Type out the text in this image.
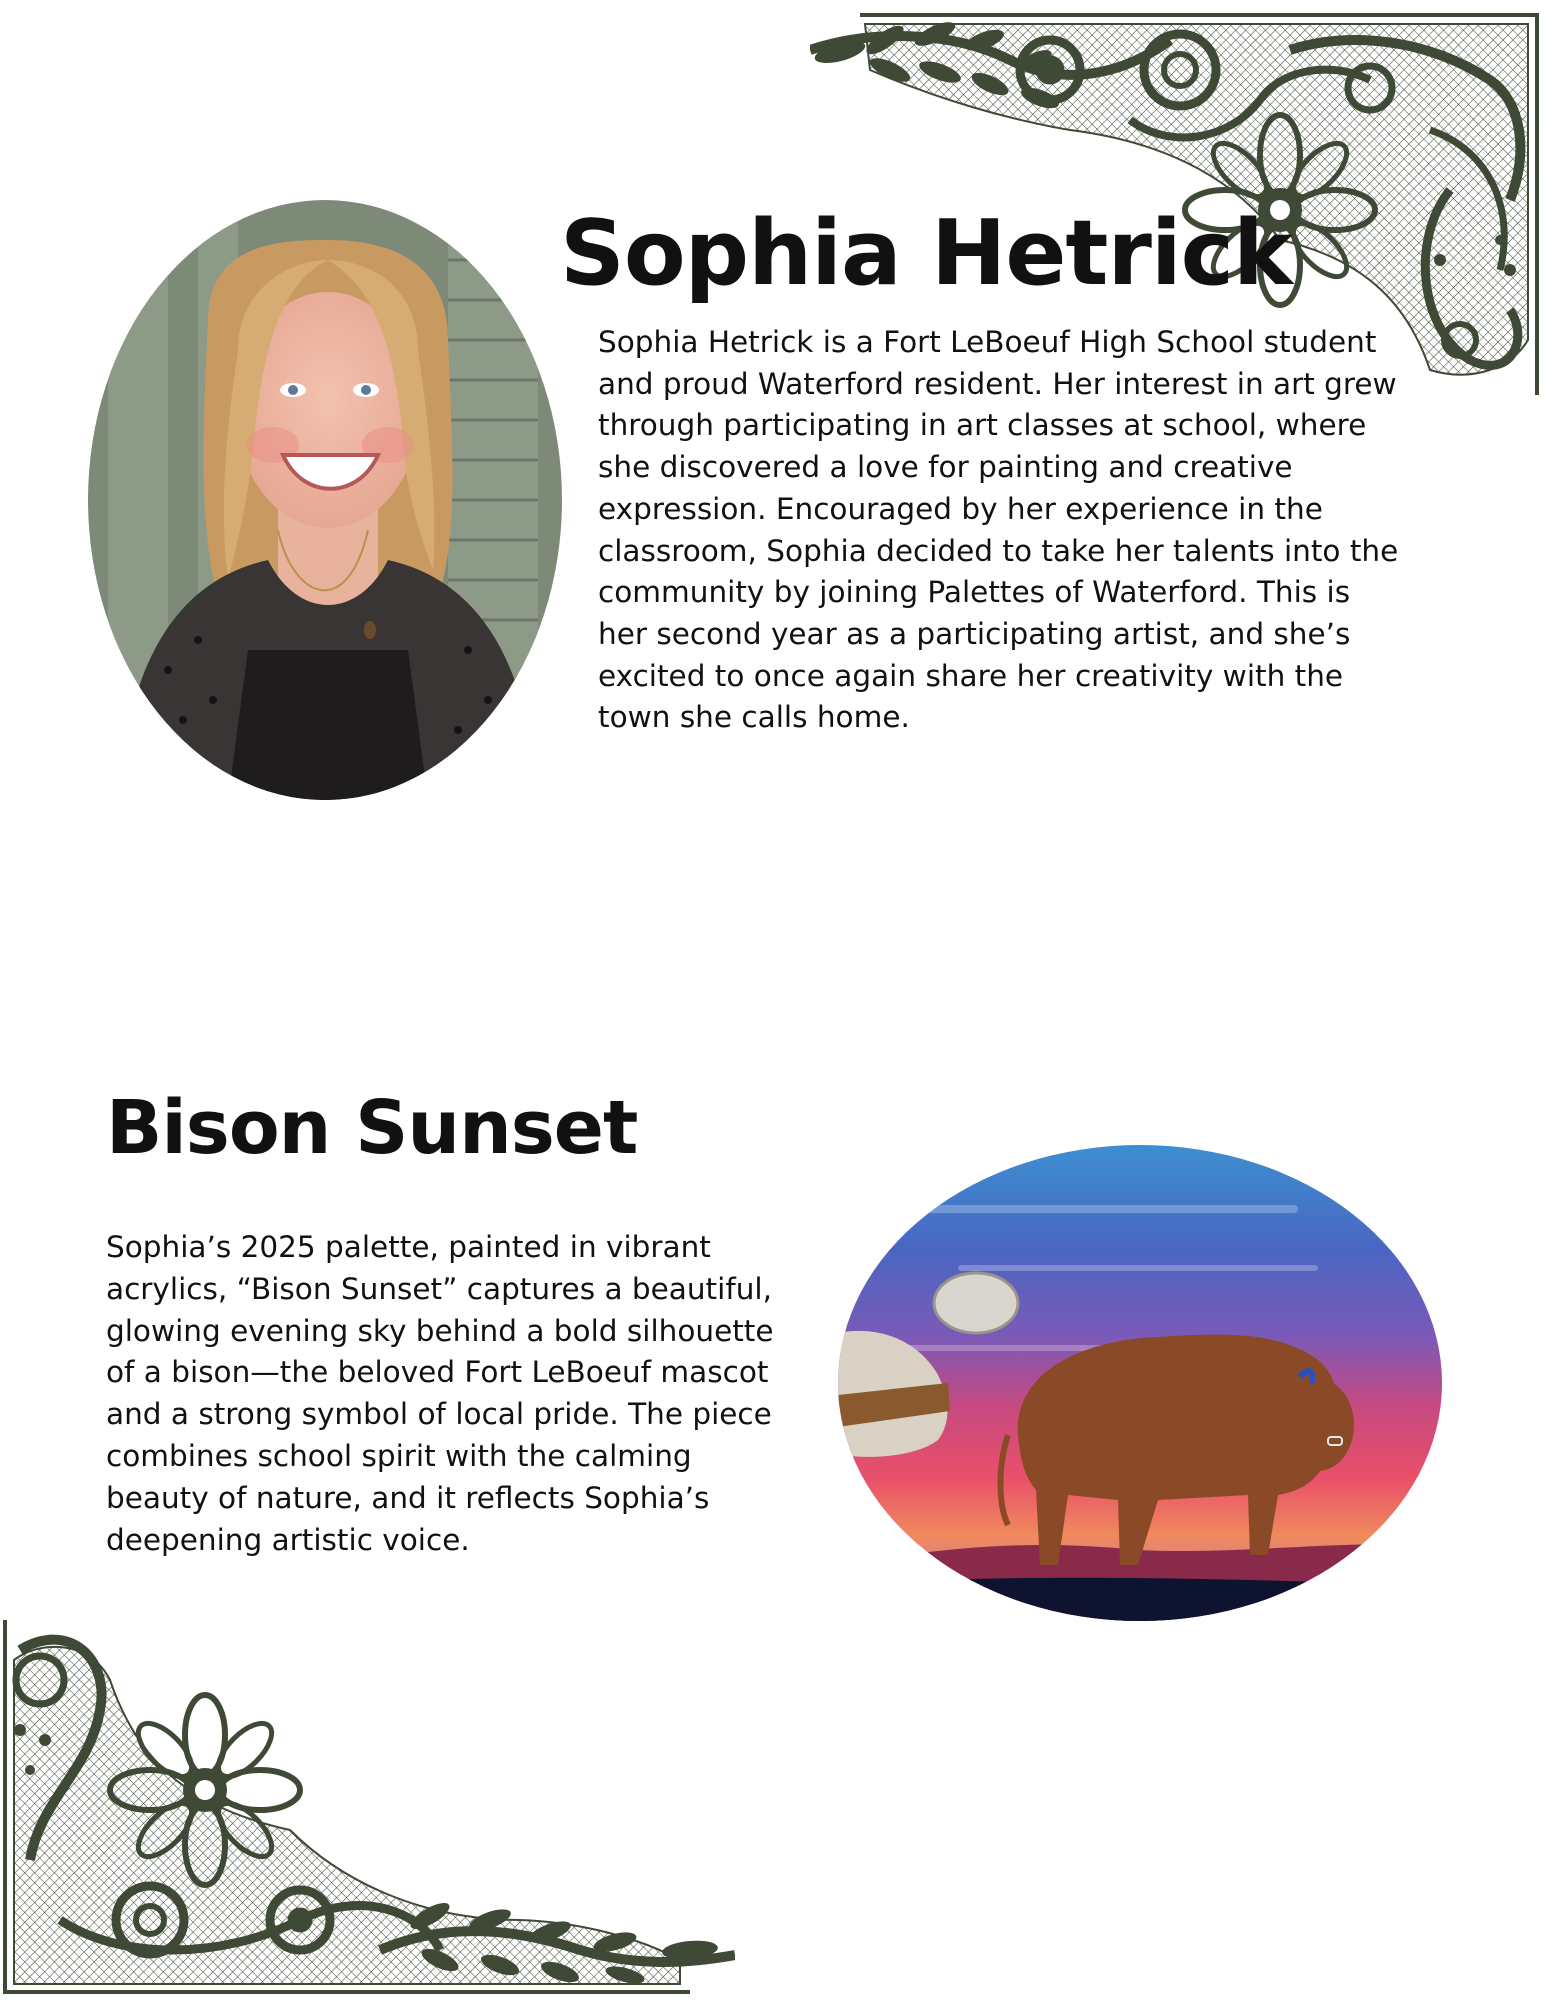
Sophia Hetrick

Sophia Hetrick is a Fort LeBoeuf High School student
and proud Waterford resident. Her interest in art grew
through participating in art classes at school, where
she discovered a love for painting and creative
expression. Encouraged by her experience in the
classroom, Sophia decided to take her talents into the
community by joining Palettes of Waterford. This is
her second year as a participating artist, and she’s
excited to once again share her creativity with the
town she calls home.

Bison Sunset

Sophia’s 2025 palette, painted in vibrant
acrylics, “Bison Sunset” captures a beautiful,
glowing evening sky behind a bold silhouette
of a bison—the beloved Fort LeBoeuf mascot
and a strong symbol of local pride. The piece
combines school spirit with the calming
beauty of nature, and it reflects Sophia’s
deepening artistic voice.
